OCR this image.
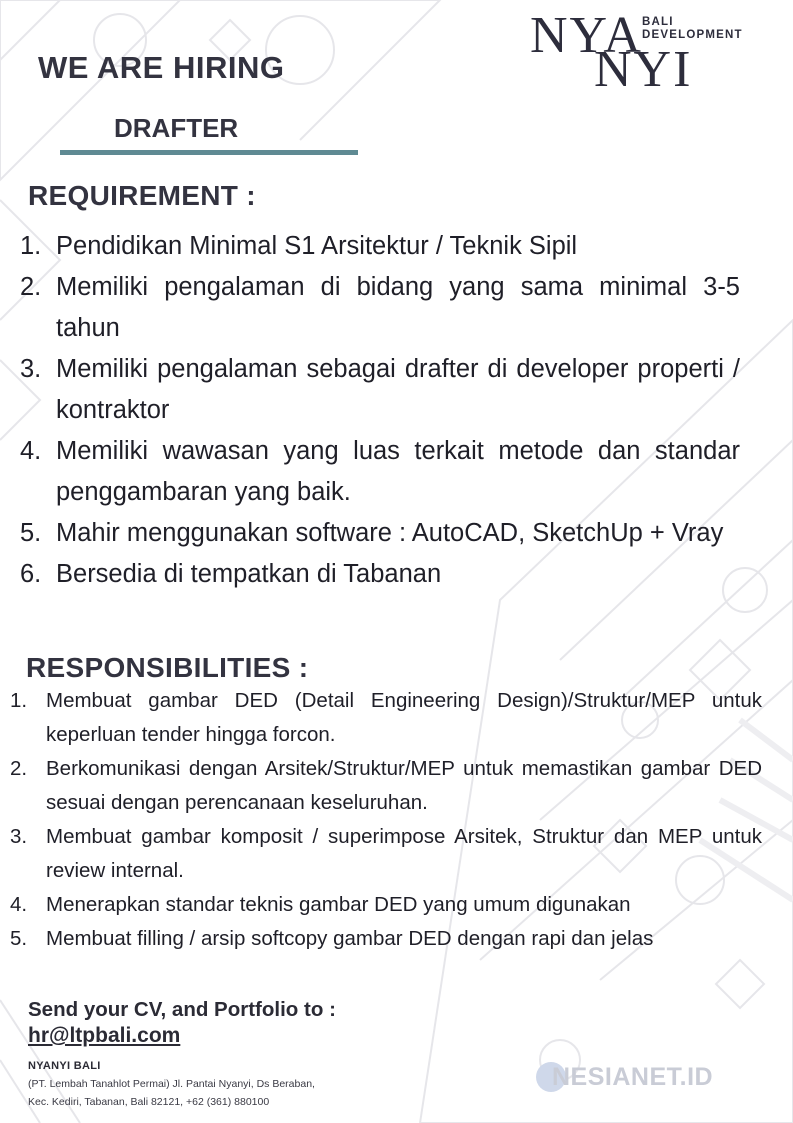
NYA
NYI
BALI
DEVELOPMENT
WE ARE HIRING
DRAFTER
REQUIREMENT :
1. Pendidikan Minimal S1 Arsitektur / Teknik Sipil
2. Memiliki pengalaman di bidang yang sama minimal 3-5 tahun
3. Memiliki pengalaman sebagai drafter di developer properti / kontraktor
4. Memiliki wawasan yang luas terkait metode dan standar penggambaran yang baik.
5. Mahir menggunakan software : AutoCAD, SketchUp + Vray
6. Bersedia di tempatkan di Tabanan
RESPONSIBILITIES :
1. Membuat gambar DED (Detail Engineering Design)/Struktur/MEP untuk keperluan tender hingga forcon.
2. Berkomunikasi dengan Arsitek/Struktur/MEP untuk memastikan gambar DED sesuai dengan perencanaan keseluruhan.
3. Membuat gambar komposit / superimpose Arsitek, Struktur dan MEP untuk review internal.
4. Menerapkan standar teknis gambar DED yang umum digunakan
5. Membuat filling / arsip softcopy gambar DED dengan rapi dan jelas
Send your CV, and Portfolio to :
hr@ltpbali.com
NYANYI BALI
(PT. Lembah Tanahlot Permai) Jl. Pantai Nyanyi, Ds Beraban,
Kec. Kediri, Tabanan, Bali 82121, +62 (361) 880100
NESIANET.ID
